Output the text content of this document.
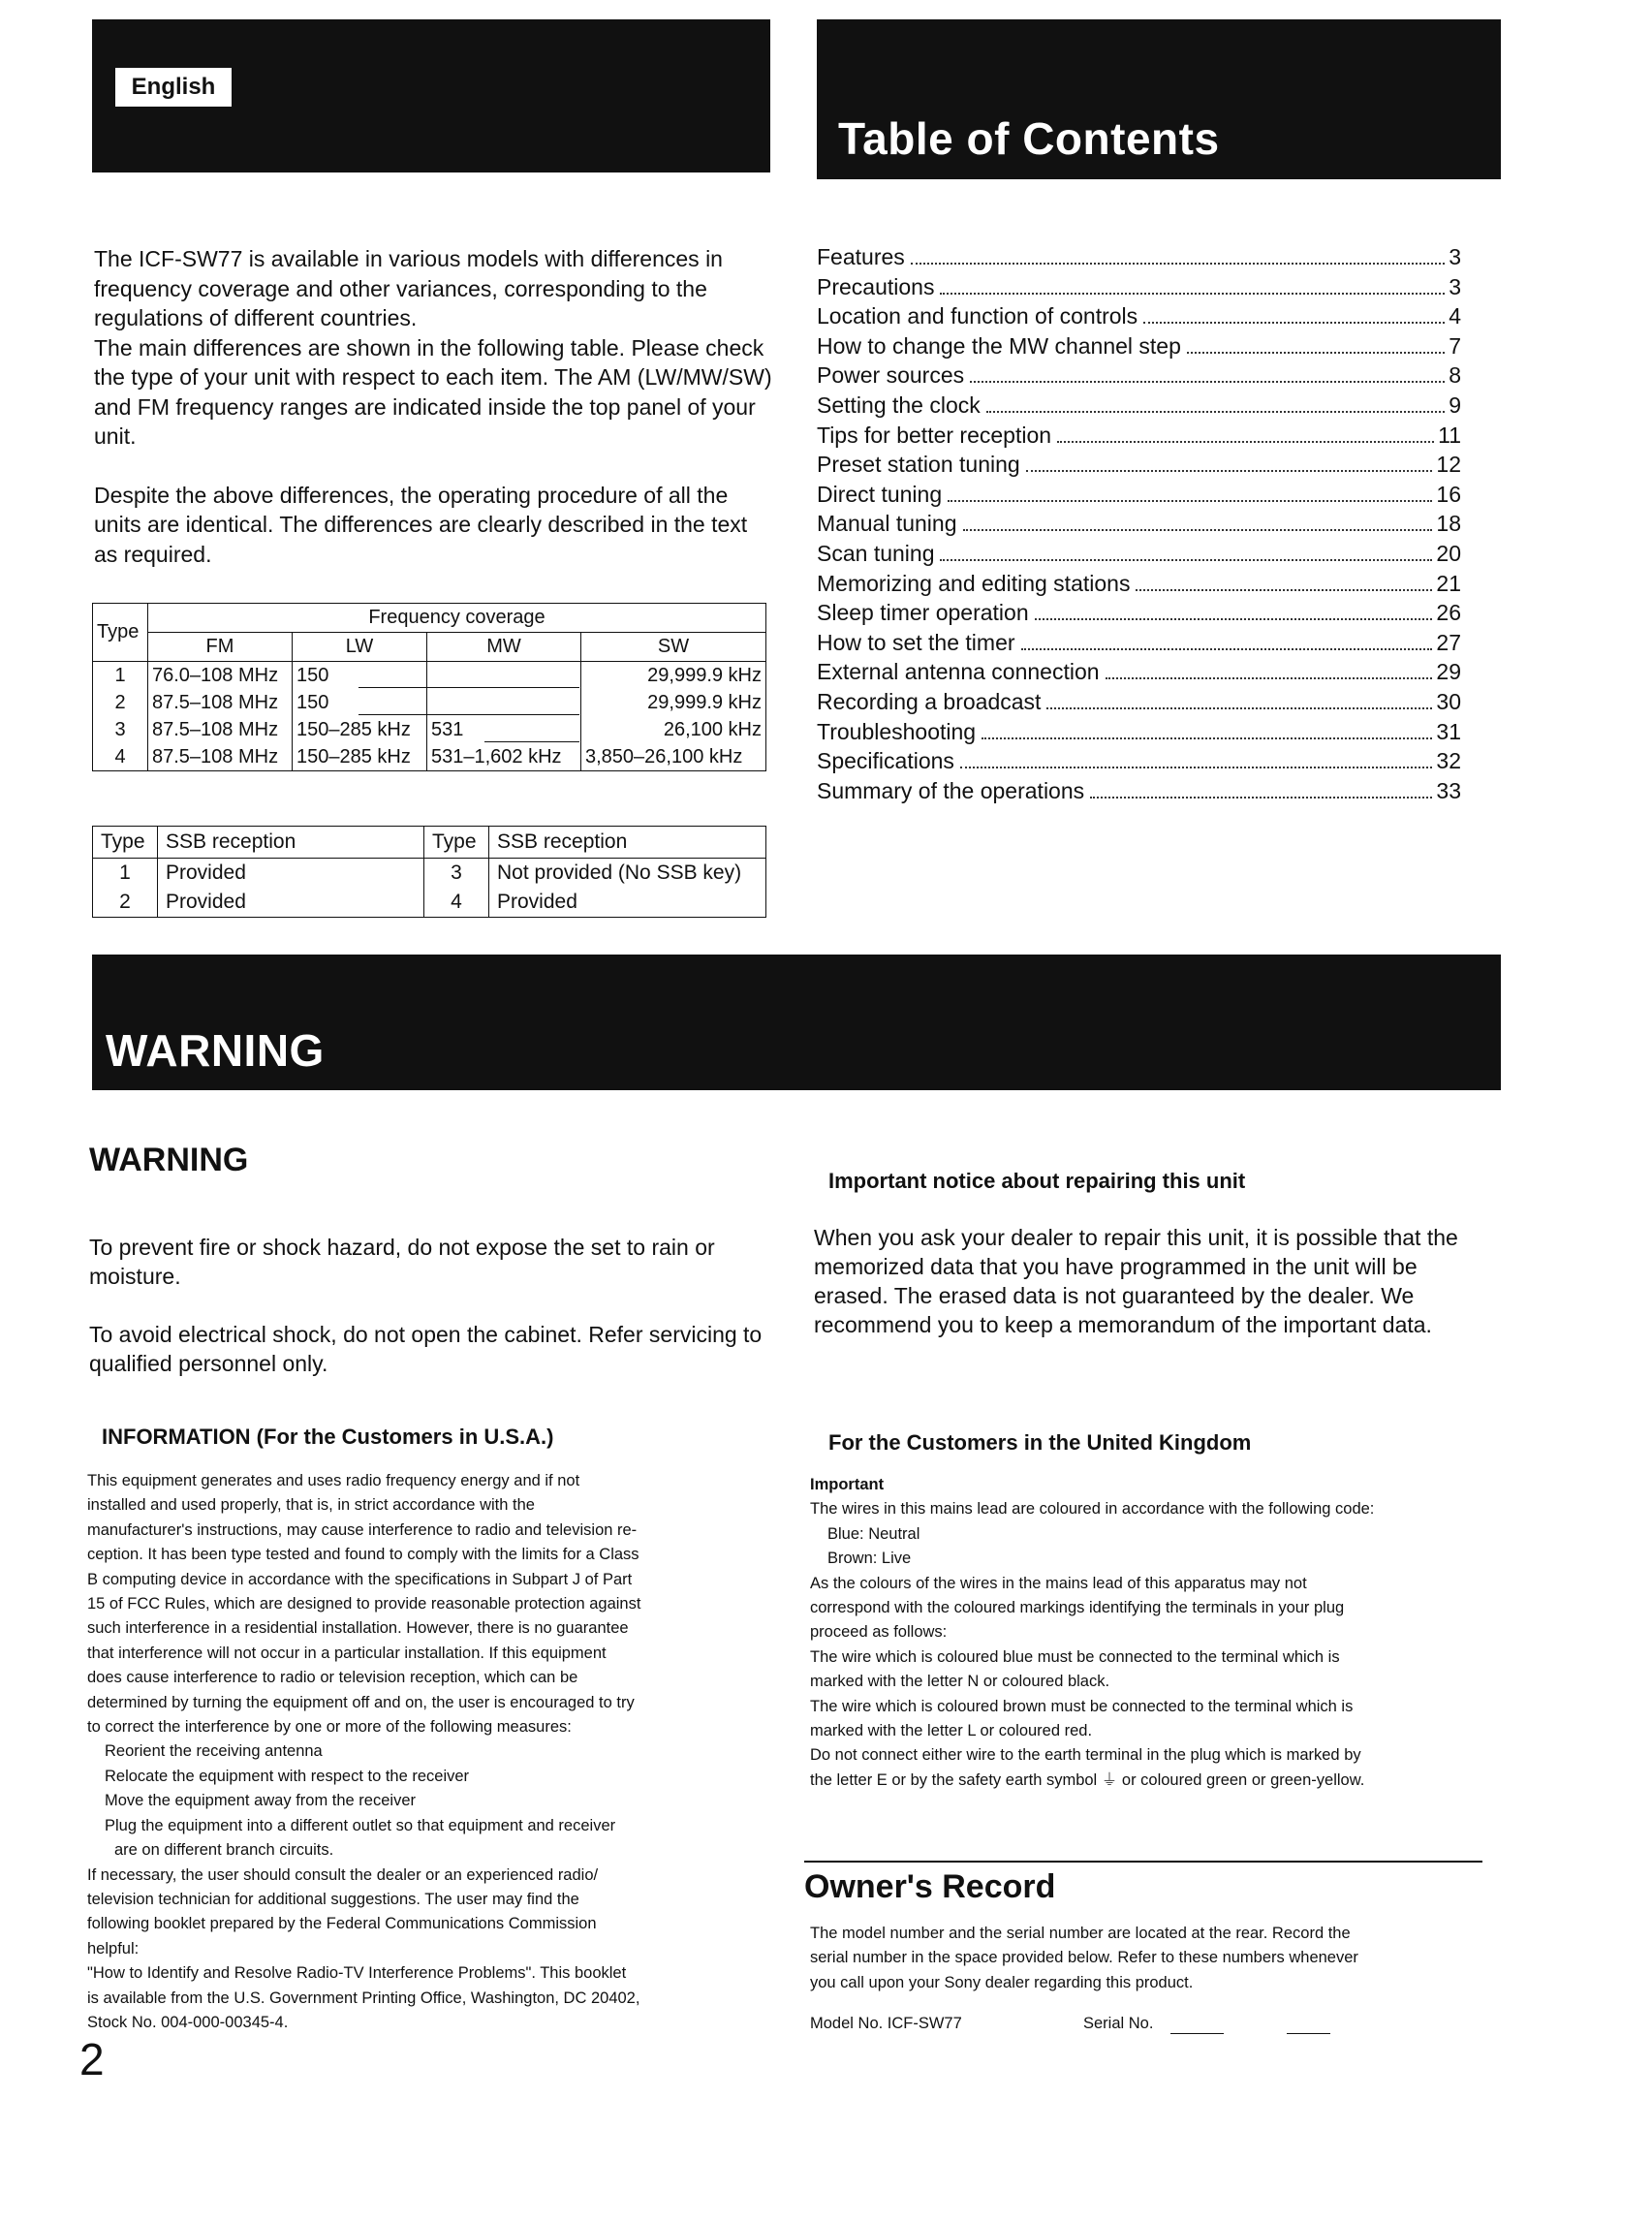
English
Table of Contents

The ICF-SW77 is available in various models with differences in frequency coverage and other variances, corresponding to the regulations of different countries.

The main differences are shown in the following table. Please check the type of your unit with respect to each item. The AM (LW/MW/SW) and FM frequency ranges are indicated inside the top panel of your unit.

Despite the above differences, the operating procedure of all the units are identical. The differences are clearly described in the text as required.

Type	Frequency coverage			
	FM	LW	MW	SW
1	76.0–108 MHz	150		29,999.9 kHz
2	87.5–108 MHz	150		29,999.9 kHz
3	87.5–108 MHz	150–285 kHz	531	26,100 kHz
4	87.5–108 MHz	150–285 kHz	531–1,602 kHz	3,850–26,100 kHz
Type	SSB reception	Type	SSB reception
1	Provided	3	Not provided (No SSB key)
2	Provided	4	Provided
Features	3
Precautions	3
Location and function of controls	4
How to change the MW channel step	7
Power sources	8
Setting the clock	9
Tips for better reception	11
Preset station tuning	12
Direct tuning	16
Manual tuning	18
Scan tuning	20
Memorizing and editing stations	21
Sleep timer operation	26
How to set the timer	27
External antenna connection	29
Recording a broadcast	30
Troubleshooting	31
Specifications	32
Summary of the operations	33
WARNING
WARNING

To prevent fire or shock hazard, do not expose the set to rain or moisture.

To avoid electrical shock, do not open the cabinet. Refer servicing to qualified personnel only.

INFORMATION (For the Customers in U.S.A.)
This equipment generates and uses radio frequency energy and if not
installed and used properly, that is, in strict accordance with the
manufacturer's instructions, may cause interference to radio and television re-
ception. It has been type tested and found to comply with the limits for a Class
B computing device in accordance with the specifications in Subpart J of Part
15 of FCC Rules, which are designed to provide reasonable protection against
such interference in a residential installation. However, there is no guarantee
that interference will not occur in a particular installation. If this equipment
does cause interference to radio or television reception, which can be
determined by turning the equipment off and on, the user is encouraged to try
to correct the interference by one or more of the following measures:
Reorient the receiving antenna
Relocate the equipment with respect to the receiver
Move the equipment away from the receiver
Plug the equipment into a different outlet so that equipment and receiver
are on different branch circuits.
If necessary, the user should consult the dealer or an experienced radio/
television technician for additional suggestions. The user may find the
following booklet prepared by the Federal Communications Commission
helpful:
"How to Identify and Resolve Radio-TV Interference Problems". This booklet
is available from the U.S. Government Printing Office, Washington, DC 20402,
Stock No. 004-000-00345-4.
2
Important notice about repairing this unit
When you ask your dealer to repair this unit, it is possible that the memorized data that you have programmed in the unit will be erased. The erased data is not guaranteed by the dealer. We recommend you to keep a memorandum of the important data.
For the Customers in the United Kingdom
Important
The wires in this mains lead are coloured in accordance with the following code:
Blue: Neutral
Brown: Live
As the colours of the wires in the mains lead of this apparatus may not
correspond with the coloured markings identifying the terminals in your plug
proceed as follows:
The wire which is coloured blue must be connected to the terminal which is
marked with the letter N or coloured black.
The wire which is coloured brown must be connected to the terminal which is
marked with the letter L or coloured red.
Do not connect either wire to the earth terminal in the plug which is marked by
the letter E or by the safety earth symbol ⏚ or coloured green or green-yellow.
Owner's Record
The model number and the serial number are located at the rear. Record the
serial number in the space provided below. Refer to these numbers whenever
you call upon your Sony dealer regarding this product.
Model No. ICF-SW77	Serial No.
